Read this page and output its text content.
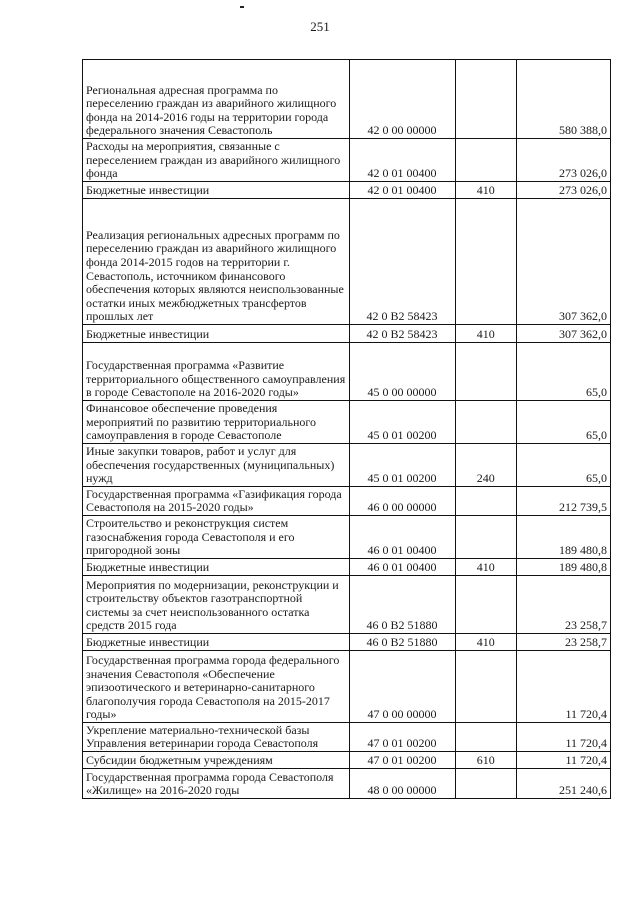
251
Региональная адресная программа по переселению граждан из аварийного жилищного фонда на 2014-2016 годы на территории города федерального значения Севастополь	42 0 00 00000		580 388,0

Расходы на мероприятия, связанные с переселением граждан из аварийного жилищного фонда	42 0 01 00400		273 026,0

Бюджетные инвестиции	42 0 01 00400	410	273 026,0

Реализация региональных адресных программ по переселению граждан из аварийного жилищного фонда 2014-2015 годов на территории г. Севастополь, источником финансового обеспечения которых являются неиспользованные остатки иных межбюджетных трансфертов прошлых лет	42 0 B2 58423		307 362,0

Бюджетные инвестиции	42 0 B2 58423	410	307 362,0

Государственная программа «Развитие территориального общественного самоуправления в городе Севастополе на 2016-2020 годы»	45 0 00 00000		65,0

Финансовое обеспечение проведения мероприятий по развитию территориального самоуправления в городе Севастополе	45 0 01 00200		65,0

Иные закупки товаров, работ и услуг для обеспечения государственных (муниципальных) нужд	45 0 01 00200	240	65,0

Государственная программа «Газификация города Севастополя на 2015-2020 годы»	46 0 00 00000		212 739,5

Строительство и реконструкция систем газоснабжения города Севастополя и его пригородной зоны	46 0 01 00400		189 480,8

Бюджетные инвестиции	46 0 01 00400	410	189 480,8

Мероприятия по модернизации, реконструкции и строительству объектов газотранспортной системы за счет неиспользованного остатка средств 2015 года	46 0 B2 51880		23 258,7

Бюджетные инвестиции	46 0 B2 51880	410	23 258,7

Государственная программа города федерального значения Севастополя «Обеспечение эпизоотического и ветеринарно-санитарного благополучия города Севастополя на 2015-2017 годы»	47 0 00 00000		11 720,4

Укрепление материально-технической базы Управления ветеринарии города Севастополя	47 0 01 00200		11 720,4

Субсидии бюджетным учреждениям	47 0 01 00200	610	11 720,4

Государственная программа города Севастополя «Жилище» на 2016-2020 годы	48 0 00 00000		251 240,6
